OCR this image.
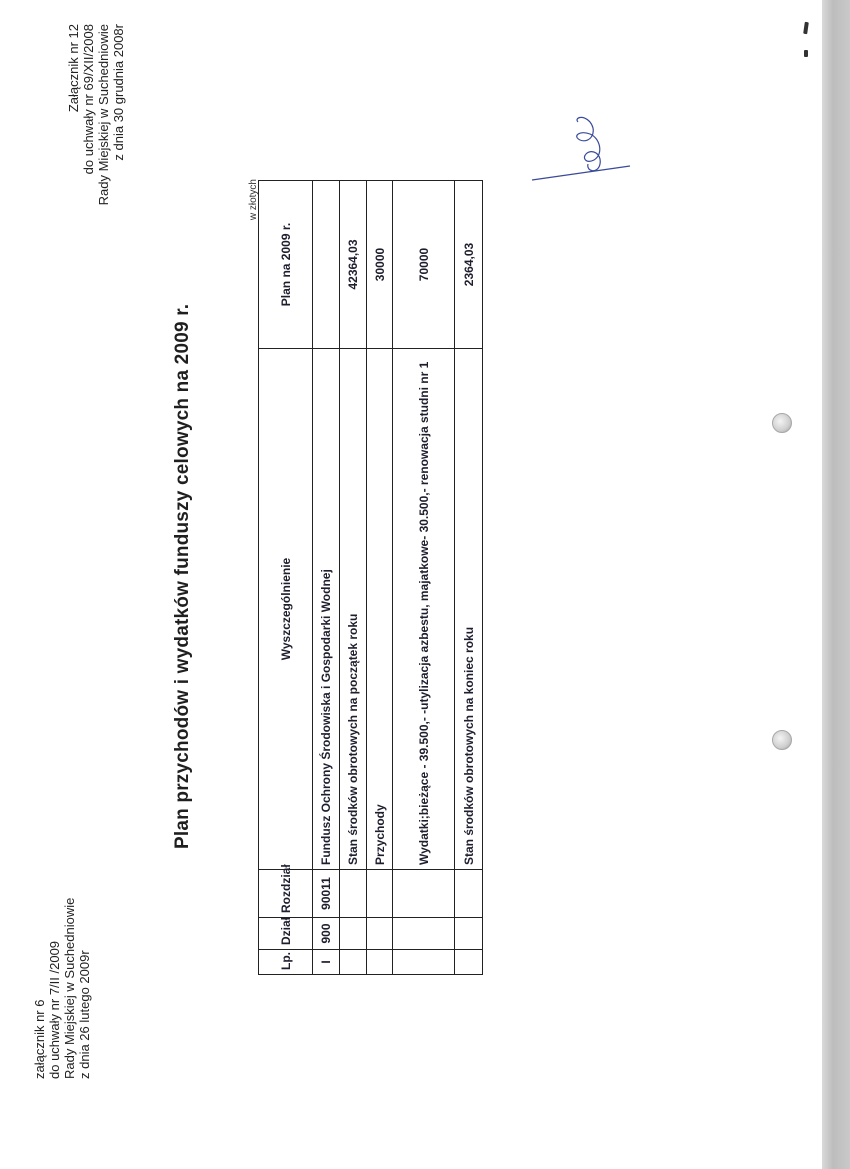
załącznik nr 6 do uchwały nr 7/II /2009 Rady Miejskiej w Suchedniowie z dnia 26 lutego 2009r
Załącznik nr 12 do uchwały nr 69/XII/2008 Rady Miejskiej w Suchedniowie z dnia 30 grudnia 2008r
Plan przychodów i wydatków funduszy celowych na 2009 r.
w złotych
Lp.	Dział	Rozdział	Wyszczególnienie	Plan na 2009 r.
I	900	90011	Fundusz Ochrony Środowiska i Gospodarki Wodnej	
			Stan środków obrotowych na początek roku	42364,03
			Przychody	30000
			Wydatki;bieżące - 39.500,- -utylizacja azbestu, majatkowe- 30.500,- renowacja studni nr 1	70000
			Stan środków obrotowych na koniec roku	2364,03
